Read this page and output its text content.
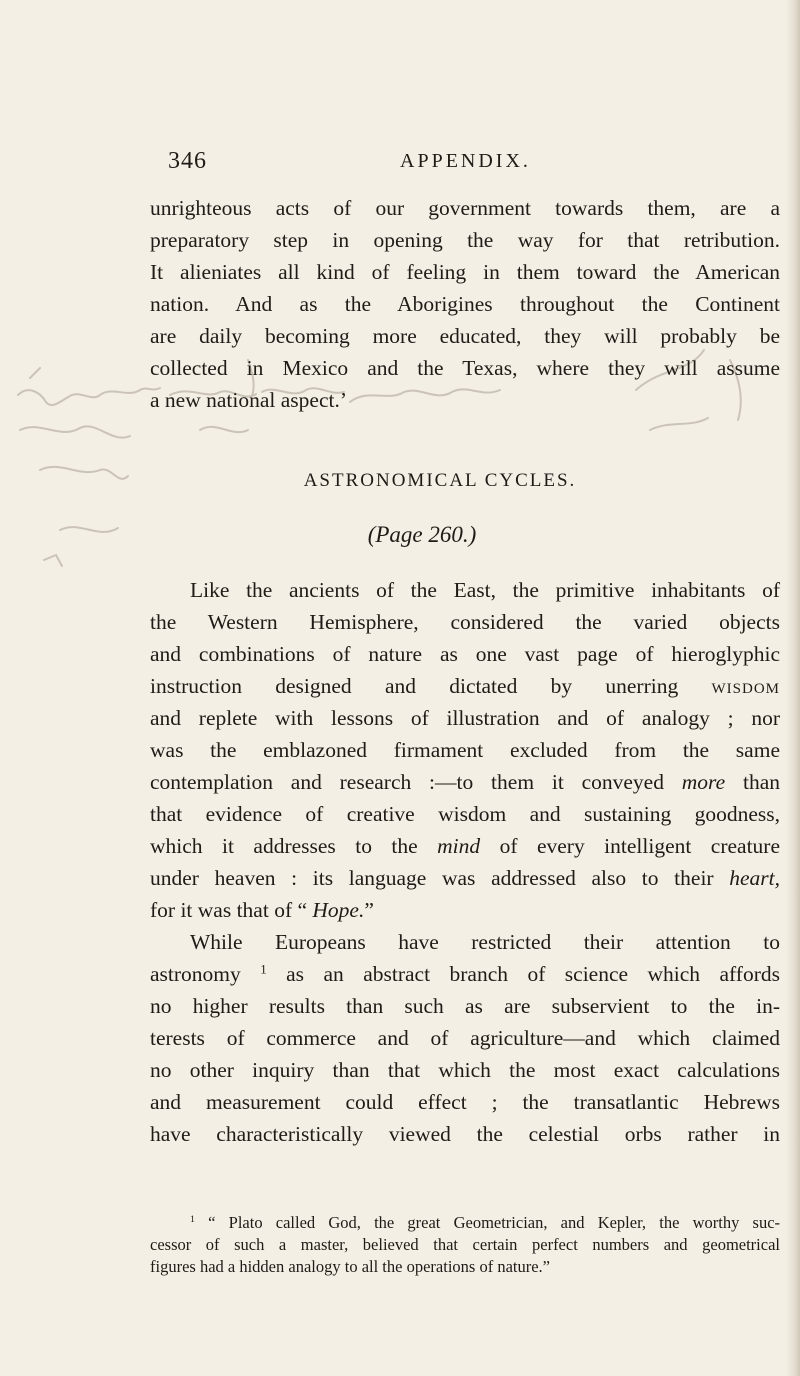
346	APPENDIX.
unrighteous acts of our government towards them, are a
preparatory step in opening the way for that retribution.
It alieniates all kind of feeling in them toward the American
nation. And as the Aborigines throughout the Continent
are daily becoming more educated, they will probably be
collected in Mexico and the Texas, where they will assume
a new national aspect.’
ASTRONOMICAL CYCLES.
(Page 260.)
Like the ancients of the East, the primitive inhabitants of
the Western Hemisphere, considered the varied objects
and combinations of nature as one vast page of hieroglyphic
instruction designed and dictated by unerring wisdom
and replete with lessons of illustration and of analogy ; nor
was the emblazoned firmament excluded from the same
contemplation and research :—to them it conveyed more than
that evidence of creative wisdom and sustaining goodness,
which it addresses to the mind of every intelligent creature
under heaven : its language was addressed also to their heart,
for it was that of “ Hope.”
While Europeans have restricted their attention to
astronomy $^1$ as an abstract branch of science which affords
no higher results than such as are subservient to the in-
terests of commerce and of agriculture—and which claimed
no other inquiry than that which the most exact calculations
and measurement could effect ; the transatlantic Hebrews
have characteristically viewed the celestial orbs rather in
$^1$ “ Plato called God, the great Geometrician, and Kepler, the worthy suc-
cessor of such a master, believed that certain perfect numbers and geometrical
figures had a hidden analogy to all the operations of nature.”
